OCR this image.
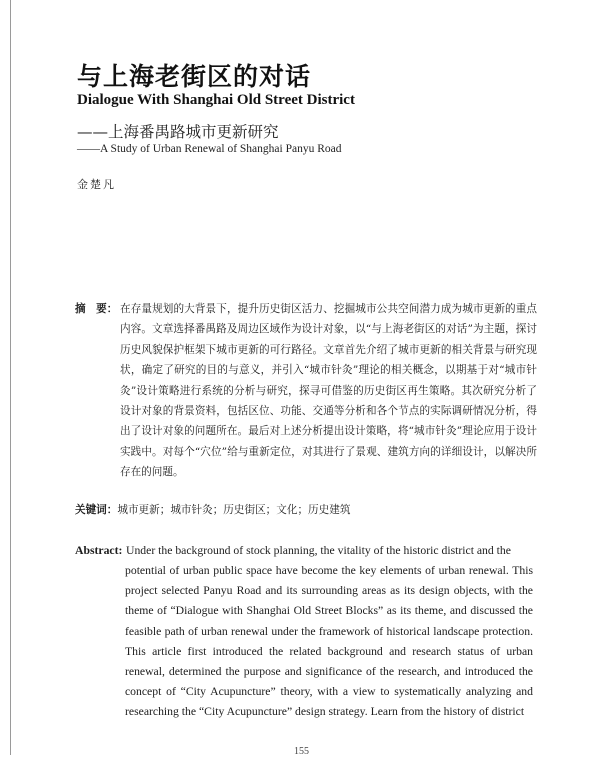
与上海老街区的对话
Dialogue With Shanghai Old Street District
——上海番禺路城市更新研究
——A Study of Urban Renewal of Shanghai Panyu Road
金楚凡
摘　要： 在存量规划的大背景下，提升历史街区活力、挖掘城市公共空间潜力成为城市更新的重点内容。文章选择番禺路及周边区域作为设计对象，以“与上海老街区的对话”为主题，探讨历史风貌保护框架下城市更新的可行路径。文章首先介绍了城市更新的相关背景与研究现状，确定了研究的目的与意义，并引入“城市针灸”理论的相关概念，以期基于对“城市针灸”设计策略进行系统的分析与研究，探寻可借鉴的历史街区再生策略。其次研究分析了设计对象的背景资料，包括区位、功能、交通等分析和各个节点的实际调研情况分析，得出了设计对象的问题所在。最后对上述分析提出设计策略，将“城市针灸”理论应用于设计实践中。对每个“穴位”给与重新定位，对其进行了景观、建筑方向的详细设计，以解决所存在的问题。
关键词：城市更新；城市针灸；历史街区；文化；历史建筑
Abstract: Under the background of stock planning, the vitality of the historic district and the
potential of urban public space have become the key elements of urban renewal. This project selected Panyu Road and its surrounding areas as its design objects, with the theme of “Dialogue with Shanghai Old Street Blocks” as its theme, and discussed the feasible path of urban renewal under the framework of historical landscape protection. This article first introduced the related background and research status of urban renewal, determined the purpose and significance of the research, and introduced the concept of “City Acupuncture” theory, with a view to systematically analyzing and researching the “City Acupuncture” design strategy. Learn from the history of district
155
